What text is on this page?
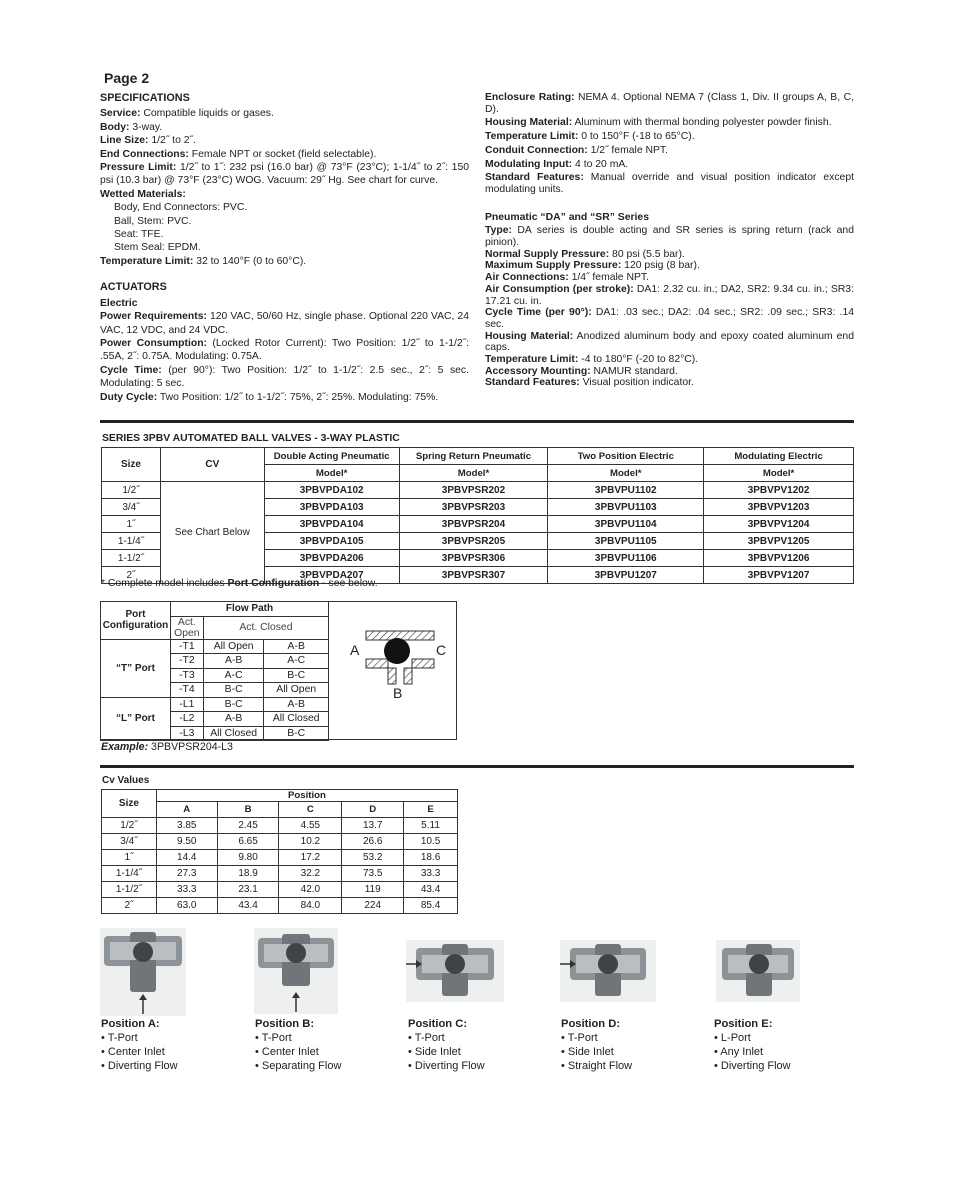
Page 2
SPECIFICATIONS
Service: Compatible liquids or gases.
Body: 3-way.
Line Size: 1/2˝ to 2˝.
End Connections: Female NPT or socket (field selectable).
Pressure Limit: 1/2˝ to 1˝: 232 psi (16.0 bar) @ 73°F (23°C); 1-1/4˝ to 2˝: 150 psi (10.3 bar) @ 73°F (23°C) WOG. Vacuum: 29˝ Hg. See chart for curve.
Wetted Materials:
Body, End Connectors: PVC.
Ball, Stem: PVC.
Seat: TFE.
Stem Seal: EPDM.
Temperature Limit: 32 to 140°F (0 to 60°C).
ACTUATORS
Electric
Power Requirements: 120 VAC, 50/60 Hz, single phase. Optional 220 VAC, 24 VAC, 12 VDC, and 24 VDC.
Power Consumption: (Locked Rotor Current): Two Position: 1/2˝ to 1-1/2˝: .55A, 2˝: 0.75A. Modulating: 0.75A.
Cycle Time: (per 90°): Two Position: 1/2˝ to 1-1/2˝: 2.5 sec., 2˝: 5 sec. Modulating: 5 sec.
Duty Cycle: Two Position: 1/2˝ to 1-1/2˝: 75%, 2˝: 25%. Modulating: 75%.
Enclosure Rating: NEMA 4. Optional NEMA 7 (Class 1, Div. II groups A, B, C, D).
Housing Material: Aluminum with thermal bonding polyester powder finish.
Temperature Limit: 0 to 150°F (-18 to 65°C).
Conduit Connection: 1/2˝ female NPT.
Modulating Input: 4 to 20 mA.
Standard Features: Manual override and visual position indicator except modulating units.
Pneumatic “DA” and “SR” Series
Type: DA series is double acting and SR series is spring return (rack and pinion).
Normal Supply Pressure: 80 psi (5.5 bar).
Maximum Supply Pressure: 120 psig (8 bar).
Air Connections: 1/4˝ female NPT.
Air Consumption (per stroke): DA1: 2.32 cu. in.; DA2, SR2: 9.34 cu. in.; SR3: 17.21 cu. in.
Cycle Time (per 90°): DA1: .03 sec.; DA2: .04 sec.; SR2: .09 sec.; SR3: .14 sec.
Housing Material: Anodized aluminum body and epoxy coated aluminum end caps.
Temperature Limit: -4 to 180°F (-20 to 82°C).
Accessory Mounting: NAMUR standard.
Standard Features: Visual position indicator.
SERIES 3PBV AUTOMATED BALL VALVES - 3-WAY PLASTIC
Size	CV	Double Acting Pneumatic	Spring Return Pneumatic	Two Position Electric	Modulating Electric
		Model*	Model*	Model*	Model*
1/2˝	See Chart Below	3PBVPDA102	3PBVPSR202	3PBVPU1102	3PBVPV1202
3/4˝		3PBVPDA103	3PBVPSR203	3PBVPU1103	3PBVPV1203
1˝		3PBVPDA104	3PBVPSR204	3PBVPU1104	3PBVPV1204
1-1/4˝		3PBVPDA105	3PBVPSR205	3PBVPU1105	3PBVPV1205
1-1/2˝		3PBVPDA206	3PBVPSR306	3PBVPU1106	3PBVPV1206
2˝		3PBVPDA207	3PBVPSR307	3PBVPU1207	3PBVPV1207
* Complete model includes Port Configuration - see below.
Port Configuration	Flow Path		
	Act. Open	Act. Closed	
“T” Port	-T1	All Open	A-B
	-T2	A-B	A-C
	-T3	A-C	B-C
	-T4	B-C	All Open
“L” Port	-L1	B-C	A-B
	-L2	A-B	All Closed
	-L3	All Closed	B-C
A	C
B
Example: 3PBVPSR204-L3
Cv Values
Size	Position				
	A	B	C	D	E
1/2˝	3.85	2.45	4.55	13.7	5.11
3/4˝	9.50	6.65	10.2	26.6	10.5
1˝	14.4	9.80	17.2	53.2	18.6
1-1/4˝	27.3	18.9	32.2	73.5	33.3
1-1/2˝	33.3	23.1	42.0	119	43.4
2˝	63.0	43.4	84.0	224	85.4
Position A:
• T-Port
• Center Inlet
• Diverting Flow
Position B:
• T-Port
• Center Inlet
• Separating Flow
Position C:
• T-Port
• Side Inlet
• Diverting Flow
Position D:
• T-Port
• Side Inlet
• Straight Flow
Position E:
• L-Port
• Any Inlet
• Diverting Flow
